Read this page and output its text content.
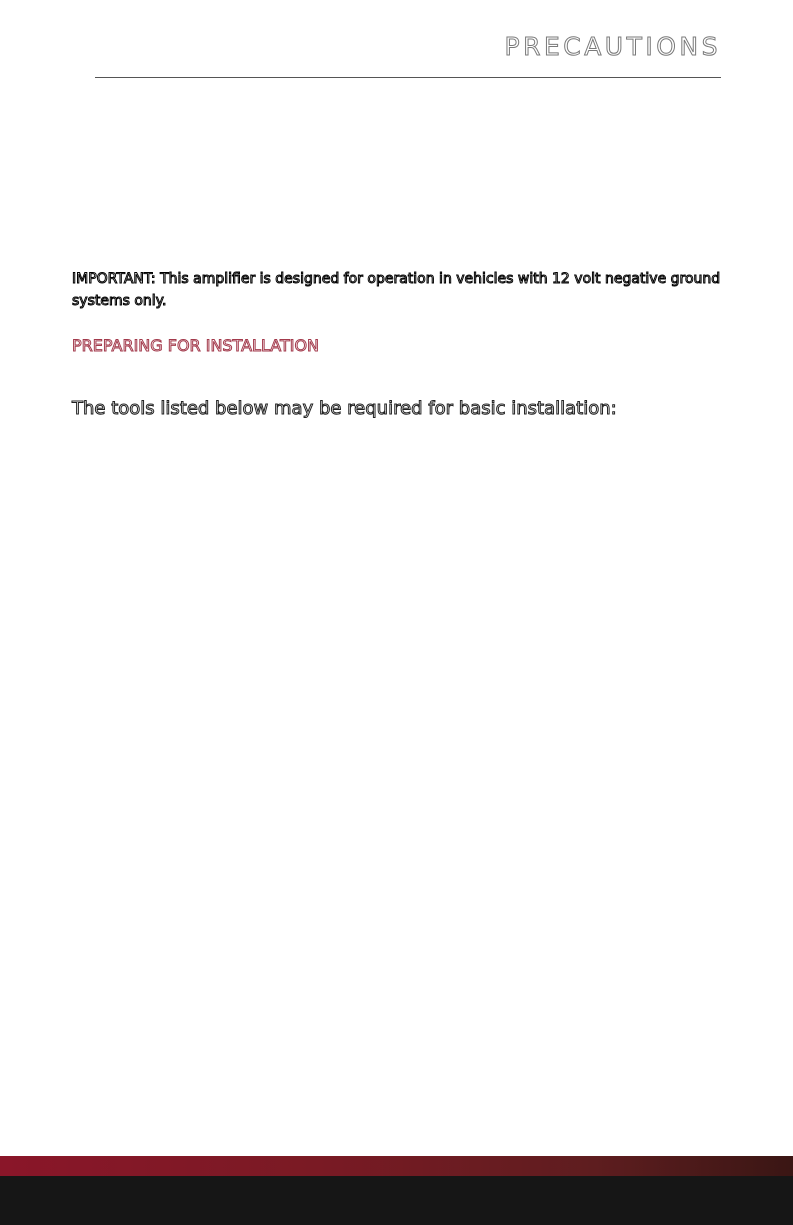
PRECAUTIONS

IMPORTANT: This amplifier is designed for operation in vehicles with 12 volt negative ground systems only.

PREPARING FOR INSTALLATION

The tools listed below may be required for basic installation:
